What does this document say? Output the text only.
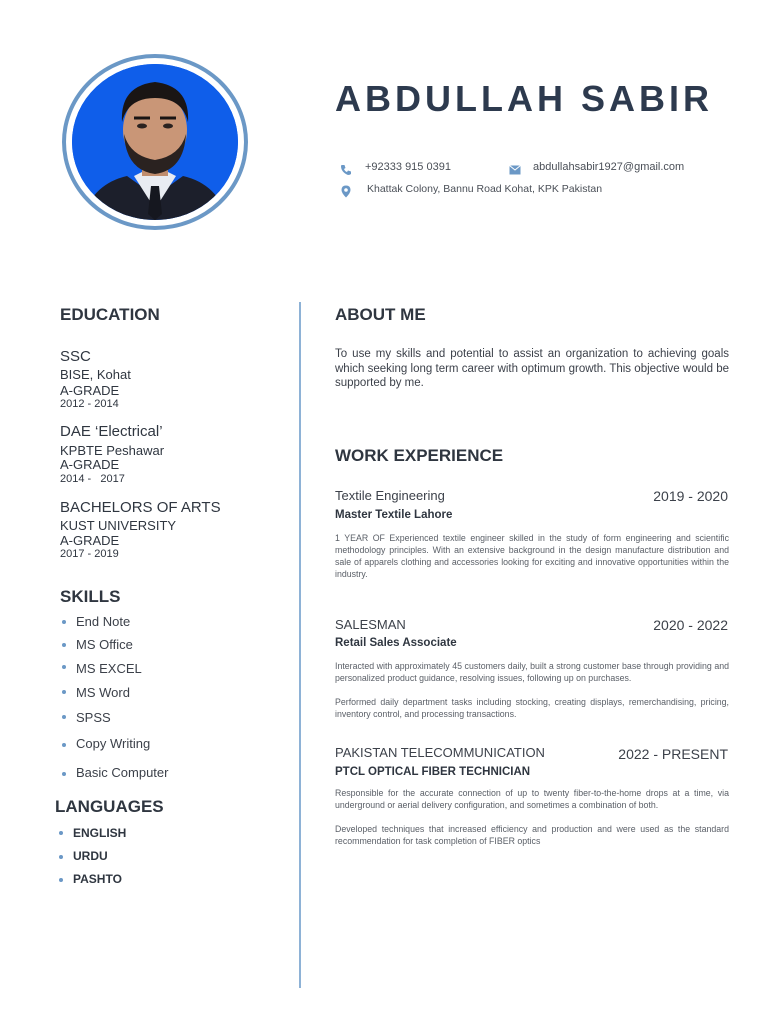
ABDULLAH SABIR
+92333 915 0391	abdullahsabir1927@gmail.com
Khattak Colony, Bannu Road Kohat, KPK Pakistan
EDUCATION
SSC
BISE, Kohat
A-GRADE
2012 - 2014
DAE ‘Electrical’
KPBTE Peshawar
A-GRADE
2014 -   2017
BACHELORS OF ARTS
KUST UNIVERSITY
A-GRADE
2017 - 2019
SKILLS
End Note
MS Office
MS EXCEL
MS Word
SPSS
Copy Writing
Basic Computer
LANGUAGES
ENGLISH
URDU
PASHTO
ABOUT ME
To use my skills and potential to assist an organization to achieving goals which seeking long term career with optimum growth. This objective would be supported by me.
WORK EXPERIENCE
Textile Engineering	2019 - 2020
Master Textile Lahore
1 YEAR OF Experienced textile engineer skilled in the study of form engineering and scientific methodology principles. With an extensive background in the design manufacture distribution and sale of apparels clothing and accessories looking for exciting and innovative opportunities within the industry.
SALESMAN	2020 - 2022
Retail Sales Associate
Interacted with approximately 45 customers daily, built a strong customer base through providing and personalized product guidance, resolving issues, following up on purchases.
Performed daily department tasks including stocking, creating displays, remerchandising, pricing, inventory control, and processing transactions.
PAKISTAN TELECOMMUNICATION	2022 - PRESENT
PTCL OPTICAL FIBER TECHNICIAN
Responsible for the accurate connection of up to twenty fiber-to-the-home drops at a time, via underground or aerial delivery configuration, and sometimes a combination of both.
Developed techniques that increased efficiency and production and were used as the standard recommendation for task completion of FIBER optics
